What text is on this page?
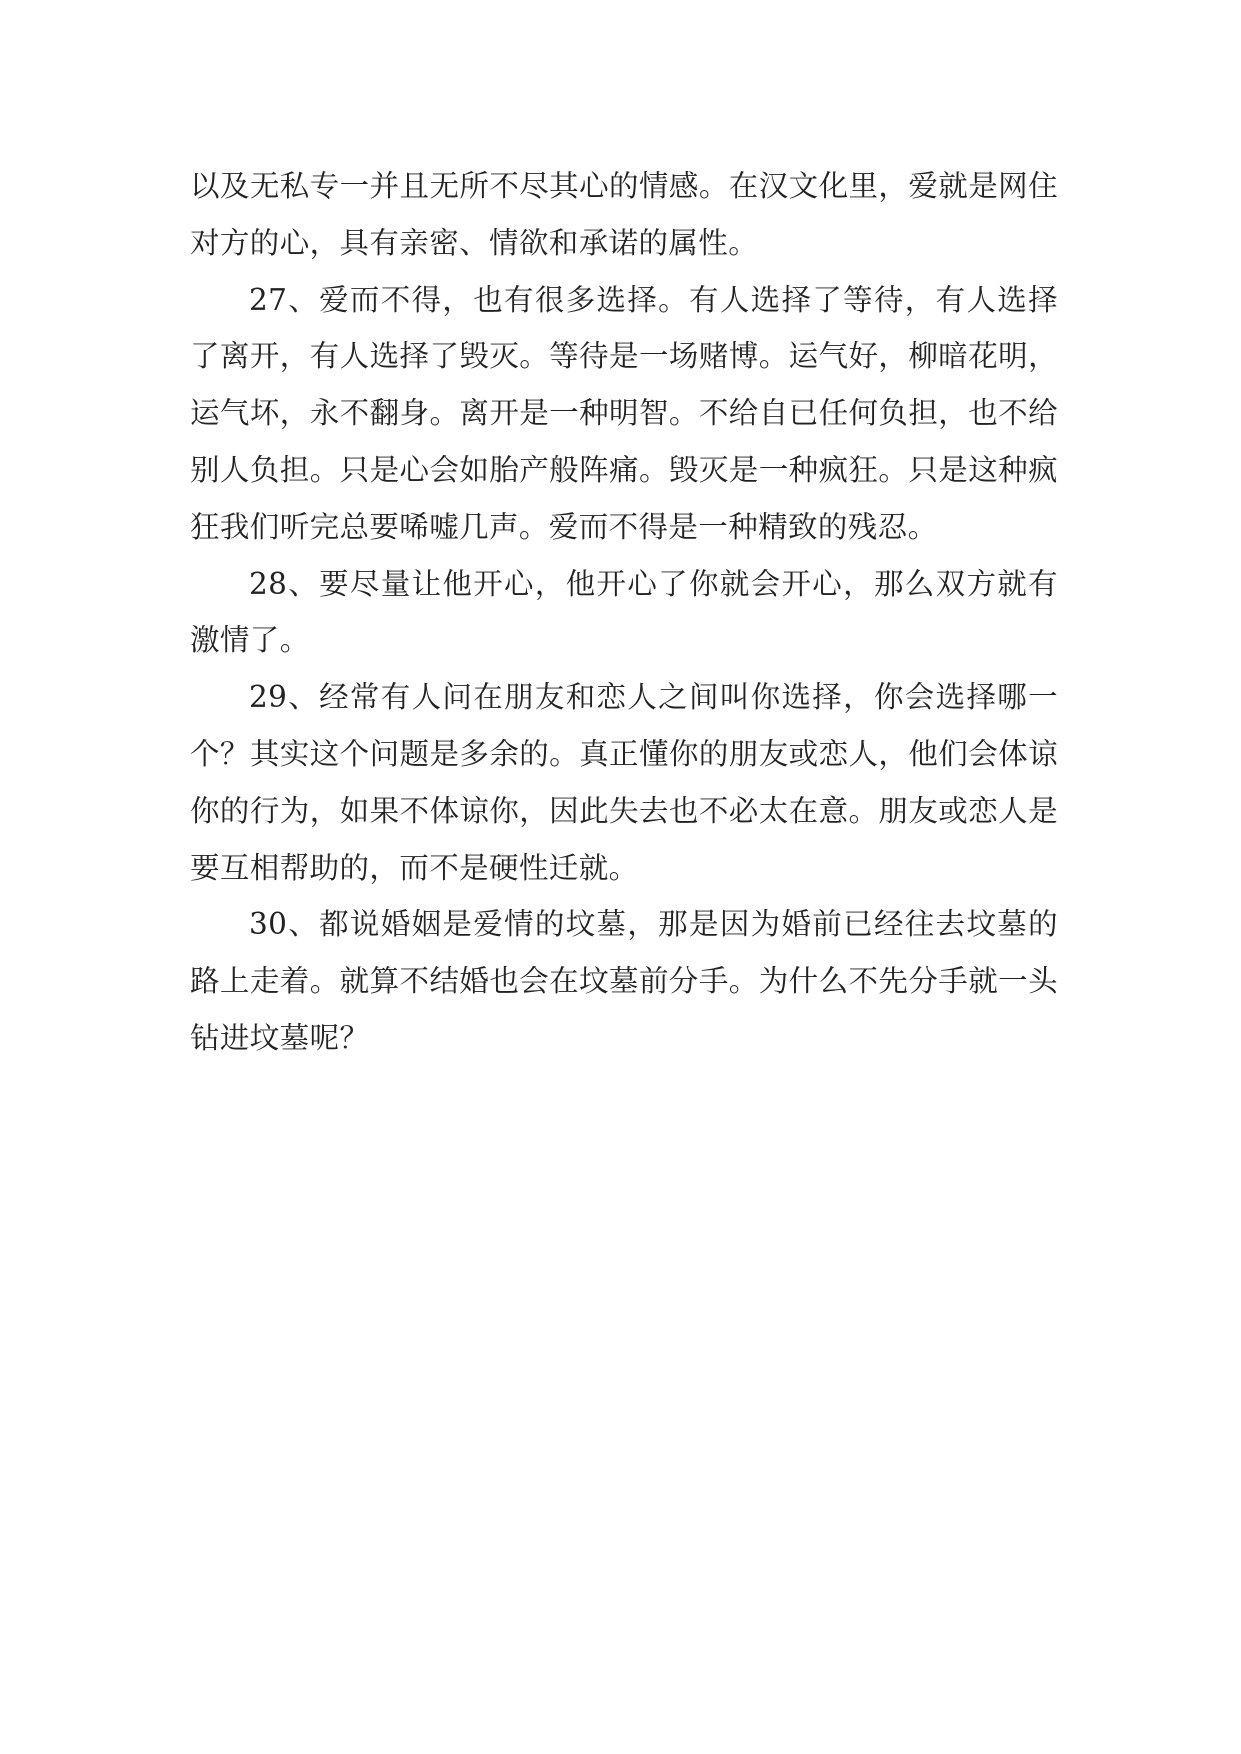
以及无私专一并且无所不尽其心的情感。在汉文化里，爱就是网住对方的心，具有亲密、情欲和承诺的属性。

27、爱而不得，也有很多选择。有人选择了等待，有人选择了离开，有人选择了毁灭。等待是一场赌博。运气好，柳暗花明，运气坏，永不翻身。离开是一种明智。不给自已任何负担，也不给别人负担。只是心会如胎产般阵痛。毁灭是一种疯狂。只是这种疯狂我们听完总要唏嘘几声。爱而不得是一种精致的残忍。

28、要尽量让他开心，他开心了你就会开心，那么双方就有激情了。

29、经常有人问在朋友和恋人之间叫你选择，你会选择哪一个？其实这个问题是多余的。真正懂你的朋友或恋人，他们会体谅你的行为，如果不体谅你，因此失去也不必太在意。朋友或恋人是要互相帮助的，而不是硬性迁就。

30、都说婚姻是爱情的坟墓，那是因为婚前已经往去坟墓的路上走着。就算不结婚也会在坟墓前分手。为什么不先分手就一头钻进坟墓呢？
